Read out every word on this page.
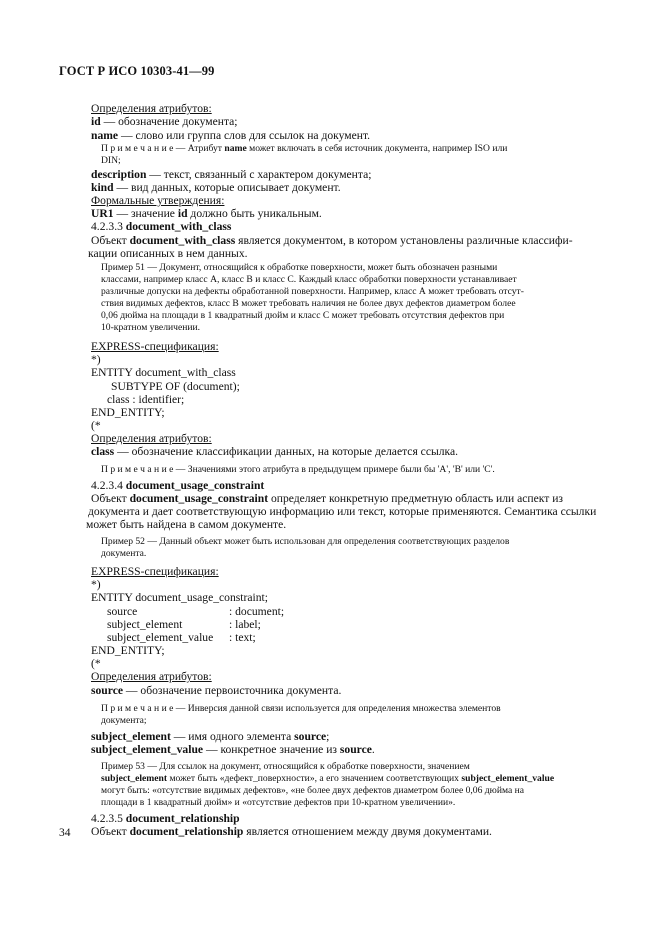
ГОСТ Р ИСО 10303-41—99
Определения атрибутов:
id — обозначение документа;
name — слово или группа слов для ссылок на документ.
П р и м е ч а н и е — Атрибут name может включать в себя источник документа, например ISO или
DIN;
description — текст, связанный с характером документа;
kind — вид данных, которые описывает документ.
Формальные утверждения:
UR1 — значение id должно быть уникальным.
4.2.3.3 document_with_class
Объект document_with_class является документом, в котором установлены различные классифи-
кации описанных в нем данных.
Пример 51 — Документ, относящийся к обработке поверхности, может быть обозначен разными
классами, например класс А, класс В и класс С. Каждый класс обработки поверхности устанавливает
различные допуски на дефекты обработанной поверхности. Например, класс А может требовать отсут-
ствия видимых дефектов, класс В может требовать наличия не более двух дефектов диаметром более
0,06 дюйма на площади в 1 квадратный дюйм и класс С может требовать отсутствия дефектов при
10-кратном увеличении.
EXPRESS-спецификация:
*)
ENTITY document_with_class
SUBTYPE OF (document);
class : identifier;
END_ENTITY;
(*
Определения атрибутов:
class — обозначение классификации данных, на которые делается ссылка.
П р и м е ч а н и е — Значениями этого атрибута в предыдущем примере были бы 'А', 'В' или 'С'.
4.2.3.4 document_usage_constraint
Объект document_usage_constraint определяет конкретную предметную область или аспект из
документа и дает соответствующую информацию или текст, которые применяются. Семантика ссылки
может быть найдена в самом документе.
Пример 52 — Данный объект может быть использован для определения соответствующих разделов
документа.
EXPRESS-спецификация:
*)
ENTITY document_usage_constraint;
source	: document;
subject_element	: label;
subject_element_value : text;
END_ENTITY;
(*
Определения атрибутов:
source — обозначение первоисточника документа.
П р и м е ч а н и е — Инверсия данной связи используется для определения множества элементов
документа;
subject_element — имя одного элемента source;
subject_element_value — конкретное значение из source.
Пример 53 — Для ссылок на документ, относящийся к обработке поверхности, значением
subject_element может быть «дефект_поверхности», а его значением соответствующих subject_element_value
могут быть: «отсутствие видимых дефектов», «не более двух дефектов диаметром более 0,06 дюйма на
площади в 1 квадратный дюйм» и «отсутствие дефектов при 10-кратном увеличении».
4.2.3.5 document_relationship
Объект document_relationship является отношением между двумя документами.
34
